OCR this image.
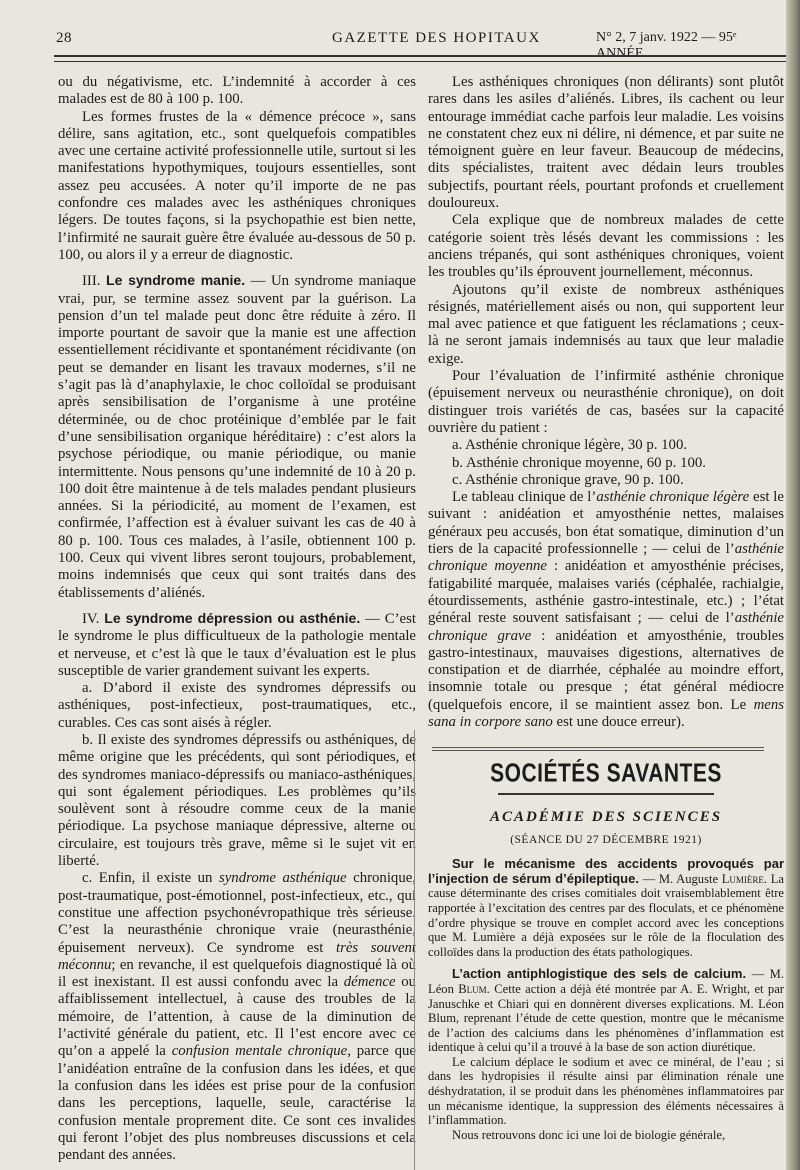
28	GAZETTE DES HOPITAUX	N° 2, 7 janv. 1922 — 95ᵉ ANNÉE.

ou du négativisme, etc. L’indemnité à accorder à ces malades est de 80 à 100 p. 100.

Les formes frustes de la « démence précoce », sans délire, sans agitation, etc., sont quelquefois compatibles avec une certaine activité professionnelle utile, surtout si les manifestations hypothymiques, toujours essentielles, sont assez peu accusées. A noter qu’il importe de ne pas confondre ces malades avec les asthéniques chroniques légers. De toutes façons, si la psychopathie est bien nette, l’infirmité ne saurait guère être évaluée au-dessous de 50 p. 100, ou alors il y a erreur de diagnostic.

III. Le syndrome manie. — Un syndrome maniaque vrai, pur, se termine assez souvent par la guérison. La pension d’un tel malade peut donc être réduite à zéro. Il importe pourtant de savoir que la manie est une affection essentiellement récidivante et spontanément récidivante (on peut se demander en lisant les travaux modernes, s’il ne s’agit pas là d’anaphylaxie, le choc colloïdal se produisant après sensibilisation de l’organisme à une protéine déterminée, ou de choc protéinique d’emblée par le fait d’une sensibilisation organique héréditaire) : c’est alors la psychose périodique, ou manie périodique, ou manie intermittente. Nous pensons qu’une indemnité de 10 à 20 p. 100 doit être maintenue à de tels malades pendant plusieurs années. Si la périodicité, au moment de l’examen, est confirmée, l’affection est à évaluer suivant les cas de 40 à 80 p. 100. Tous ces malades, à l’asile, obtiennent 100 p. 100. Ceux qui vivent libres seront toujours, probablement, moins indemnisés que ceux qui sont traités dans des établissements d’aliénés.

IV. Le syndrome dépression ou asthénie. — C’est le syndrome le plus difficultueux de la pathologie mentale et nerveuse, et c’est là que le taux d’évaluation est le plus susceptible de varier grandement suivant les experts.

a. D’abord il existe des syndromes dépressifs ou asthéniques, post-infectieux, post-traumatiques, etc., curables. Ces cas sont aisés à régler.

b. Il existe des syndromes dépressifs ou asthéniques, de même origine que les précédents, qui sont périodiques, et des syndromes maniaco-dépressifs ou maniaco-asthéniques, qui sont également périodiques. Les problèmes qu’ils soulèvent sont à résoudre comme ceux de la manie périodique. La psychose maniaque dépressive, alterne ou circulaire, est toujours très grave, même si le sujet vit en liberté.

c. Enfin, il existe un syndrome asthénique chronique, post-traumatique, post-émotionnel, post-infectieux, etc., qui constitue une affection psychonévropathique très sérieuse. C’est la neurasthénie chronique vraie (neurasthénie, épuisement nerveux). Ce syndrome est très souvent méconnu; en revanche, il est quelquefois diagnostiqué là où il est inexistant. Il est aussi confondu avec la démence ou affaiblissement intellectuel, à cause des troubles de la mémoire, de l’attention, à cause de la diminution de l’activité générale du patient, etc. Il l’est encore avec ce qu’on a appelé la confusion mentale chronique, parce que l’anidéation entraîne de la confusion dans les idées, et que la confusion dans les idées est prise pour de la confusion dans les perceptions, laquelle, seule, caractérise la confusion mentale proprement dite. Ce sont ces invalides qui feront l’objet des plus nombreuses discussions et cela pendant des années.

Les asthéniques chroniques (non délirants) sont plutôt rares dans les asiles d’aliénés. Libres, ils cachent ou leur entourage immédiat cache parfois leur maladie. Les voisins ne constatent chez eux ni délire, ni démence, et par suite ne témoignent guère en leur faveur. Beaucoup de médecins, dits spécialistes, traitent avec dédain leurs troubles subjectifs, pourtant réels, pourtant profonds et cruellement douloureux.

Cela explique que de nombreux malades de cette catégorie soient très lésés devant les commissions : les anciens trépanés, qui sont asthéniques chroniques, voient les troubles qu’ils éprouvent journellement, méconnus.

Ajoutons qu’il existe de nombreux asthéniques résignés, matériellement aisés ou non, qui supportent leur mal avec patience et que fatiguent les réclamations ; ceux-là ne seront jamais indemnisés au taux que leur maladie exige.

Pour l’évaluation de l’infirmité asthénie chronique (épuisement nerveux ou neurasthénie chronique), on doit distinguer trois variétés de cas, basées sur la capacité ouvrière du patient :

a. Asthénie chronique légère, 30 p. 100.

b. Asthénie chronique moyenne, 60 p. 100.

c. Asthénie chronique grave, 90 p. 100.

Le tableau clinique de l’asthénie chronique légère est le suivant : anidéation et amyosthénie nettes, malaises généraux peu accusés, bon état somatique, diminution d’un tiers de la capacité professionnelle ; — celui de l’asthénie chronique moyenne : anidéation et amyosthénie précises, fatigabilité marquée, malaises variés (céphalée, rachialgie, étourdissements, asthénie gastro-intestinale, etc.) ; l’état général reste souvent satisfaisant ; — celui de l’asthénie chronique grave : anidéation et amyosthénie, troubles gastro-intestinaux, mauvaises digestions, alternatives de constipation et de diarrhée, céphalée au moindre effort, insomnie totale ou presque ; état général médiocre (quelquefois encore, il se maintient assez bon. Le mens sana in corpore sano est une douce erreur).

SOCIÉTÉS SAVANTES
ACADÉMIE DES SCIENCES
(SÉANCE DU 27 DÉCEMBRE 1921)

Sur le mécanisme des accidents provoqués par l’injection de sérum d’épileptique. — M. Auguste Lumière. La cause déterminante des crises comitiales doit vraisemblablement être rapportée à l’excitation des centres par des floculats, et ce phénomène d’ordre physique se trouve en complet accord avec les conceptions que M. Lumière a déjà exposées sur le rôle de la floculation des colloïdes dans la production des états pathologiques.

L’action antiphlogistique des sels de calcium. — M. Léon Blum. Cette action a déjà été montrée par A. E. Wright, et par Januschke et Chiari qui en donnèrent diverses explications. M. Léon Blum, reprenant l’étude de cette question, montre que le mécanisme de l’action des calciums dans les phénomènes d’inflammation est identique à celui qu’il a trouvé à la base de son action diurétique.

Le calcium déplace le sodium et avec ce minéral, de l’eau ; si dans les hydropisies il résulte ainsi par élimination rénale une déshydratation, il se produit dans les phénomènes inflammatoires par un mécanisme identique, la suppression des éléments nécessaires à l’inflammation.

Nous retrouvons donc ici une loi de biologie générale,
